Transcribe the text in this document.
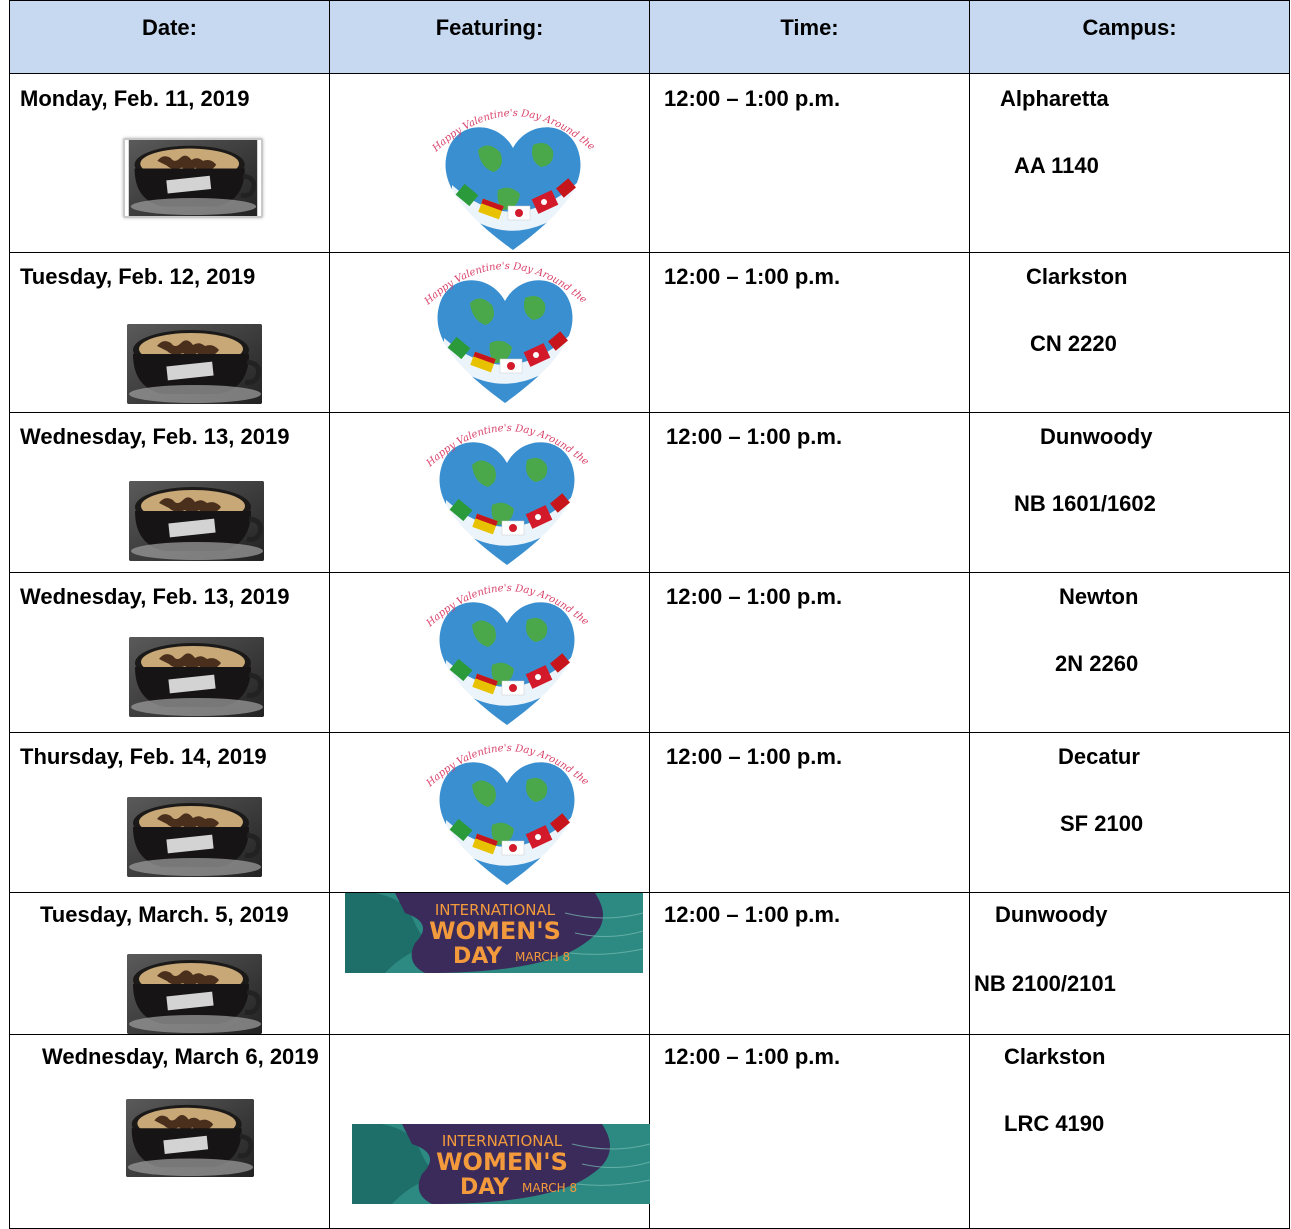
Date:	Featuring:	Time:	Campus:

Monday, Feb. 11, 2019		12:00 – 1:00 p.m.	Alpharetta
AA 1140

Tuesday, Feb. 12, 2019		12:00 – 1:00 p.m.	Clarkston
CN 2220

Wednesday, Feb. 13, 2019		12:00 – 1:00 p.m.	Dunwoody
NB 1601/1602

Wednesday, Feb. 13, 2019		12:00 – 1:00 p.m.	Newton
2N 2260

Thursday, Feb. 14, 2019		12:00 – 1:00 p.m.	Decatur
SF 2100

Tuesday, March. 5, 2019	INTERNATIONAL
WOMEN'S
DAY MARCH 8	12:00 – 1:00 p.m.	Dunwoody
NB 2100/2101

Wednesday, March 6, 2019	INTERNATIONAL
WOMEN'S
DAY MARCH 8	12:00 – 1:00 p.m.	Clarkston
LRC 4190
